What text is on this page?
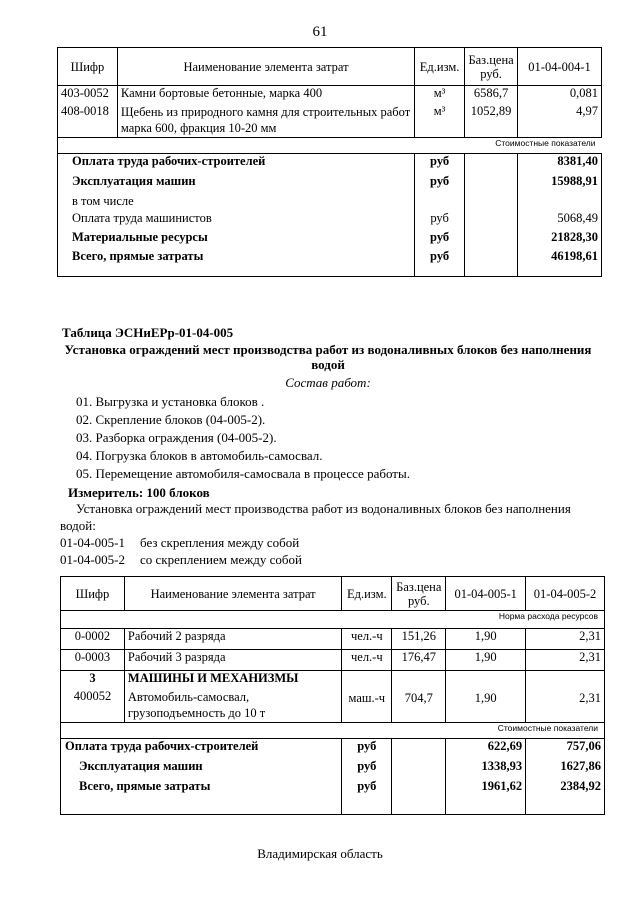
61
Шифр	Наименование элемента затрат	Ед.изм.	Баз.цена руб.	01-04-004-1
403-0052	Камни бортовые бетонные, марка 400	м³	6586,7	0,081
408-0018	Щебень из природного камня для строительных работ марка 600, фракция 10-20 мм	м³	1052,89	4,97
		Стоимостные показатели		
Оплата труда рабочих-строителей		руб		8381,40
Эксплуатация машин		руб		15988,91
в том числе				
Оплата труда машинистов		руб		5068,49
Материальные ресурсы		руб		21828,30
Всего, прямые затраты		руб		46198,61
Таблица ЭСНиЕРр-01-04-005
Установка ограждений мест производства работ из водоналивных блоков без наполнения водой
Состав работ:
01. Выгрузка и установка блоков .
02. Скрепление блоков (04-005-2).
03. Разборка ограждения (04-005-2).
04. Погрузка блоков в автомобиль-самосвал.
05. Перемещение автомобиля-самосвала в процессе работы.
Измеритель: 100 блоков
Установка ограждений мест производства работ из водоналивных блоков без наполнения водой:
01-04-005-1 без скрепления между собой
01-04-005-2 со скреплением между собой
Шифр	Наименование элемента затрат	Ед.изм.	Баз.цена руб.	01-04-005-1	01-04-005-2
				Норма расхода ресурсов	
0-0002	Рабочий 2 разряда	чел.-ч	151,26	1,90	2,31
0-0003	Рабочий 3 разряда	чел.-ч	176,47	1,90	2,31
3	МАШИНЫ И МЕХАНИЗМЫ				
400052	Автомобиль-самосвал, грузоподъемность до 10 т	маш.-ч	704,7	1,90	2,31
				Стоимостные показатели	
Оплата труда рабочих-строителей		руб		622,69	757,06
Эксплуатация машин		руб		1338,93	1627,86
Всего, прямые затраты		руб		1961,62	2384,92
Владимирская область
